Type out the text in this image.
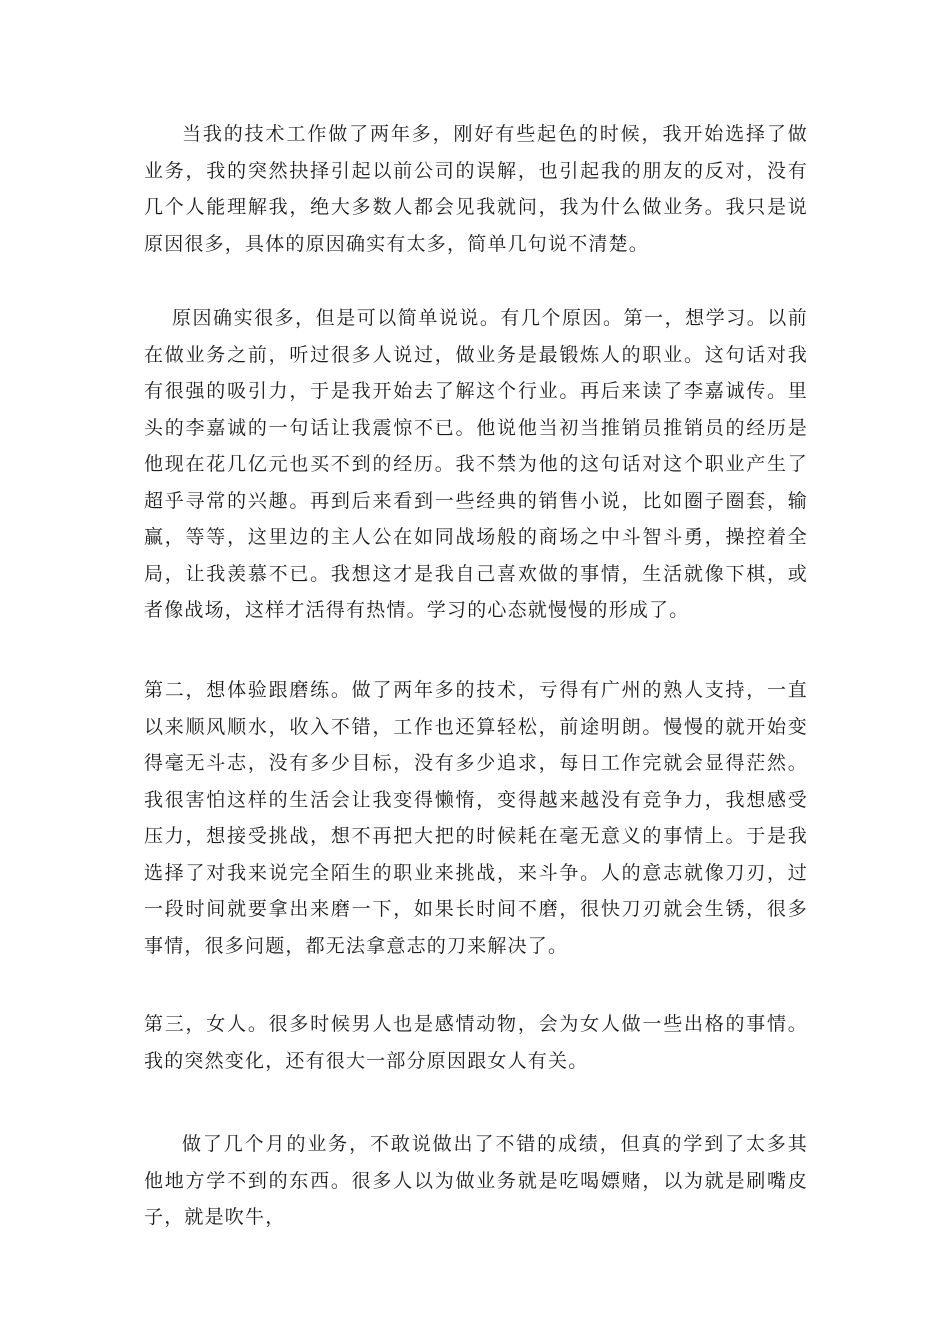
当我的技术工作做了两年多，刚好有些起色的时候，我开始选择了做业务，我的突然抉择引起以前公司的误解，也引起我的朋友的反对，没有几个人能理解我，绝大多数人都会见我就问，我为什么做业务。我只是说原因很多，具体的原因确实有太多，简单几句说不清楚。

原因确实很多，但是可以简单说说。有几个原因。第一，想学习。以前在做业务之前，听过很多人说过，做业务是最锻炼人的职业。这句话对我有很强的吸引力，于是我开始去了解这个行业。再后来读了李嘉诚传。里头的李嘉诚的一句话让我震惊不已。他说他当初当推销员推销员的经历是他现在花几亿元也买不到的经历。我不禁为他的这句话对这个职业产生了超乎寻常的兴趣。再到后来看到一些经典的销售小说，比如圈子圈套，输赢，等等，这里边的主人公在如同战场般的商场之中斗智斗勇，操控着全局，让我羡慕不已。我想这才是我自己喜欢做的事情，生活就像下棋，或者像战场，这样才活得有热情。学习的心态就慢慢的形成了。

第二，想体验跟磨练。做了两年多的技术，亏得有广州的熟人支持，一直以来顺风顺水，收入不错，工作也还算轻松，前途明朗。慢慢的就开始变得毫无斗志，没有多少目标，没有多少追求，每日工作完就会显得茫然。我很害怕这样的生活会让我变得懒惰，变得越来越没有竞争力，我想感受压力，想接受挑战，想不再把大把的时候耗在毫无意义的事情上。于是我选择了对我来说完全陌生的职业来挑战，来斗争。人的意志就像刀刃，过一段时间就要拿出来磨一下，如果长时间不磨，很快刀刃就会生锈，很多事情，很多问题，都无法拿意志的刀来解决了。

第三，女人。很多时候男人也是感情动物，会为女人做一些出格的事情。我的突然变化，还有很大一部分原因跟女人有关。

做了几个月的业务，不敢说做出了不错的成绩，但真的学到了太多其他地方学不到的东西。很多人以为做业务就是吃喝嫖赌，以为就是刷嘴皮子，就是吹牛，
